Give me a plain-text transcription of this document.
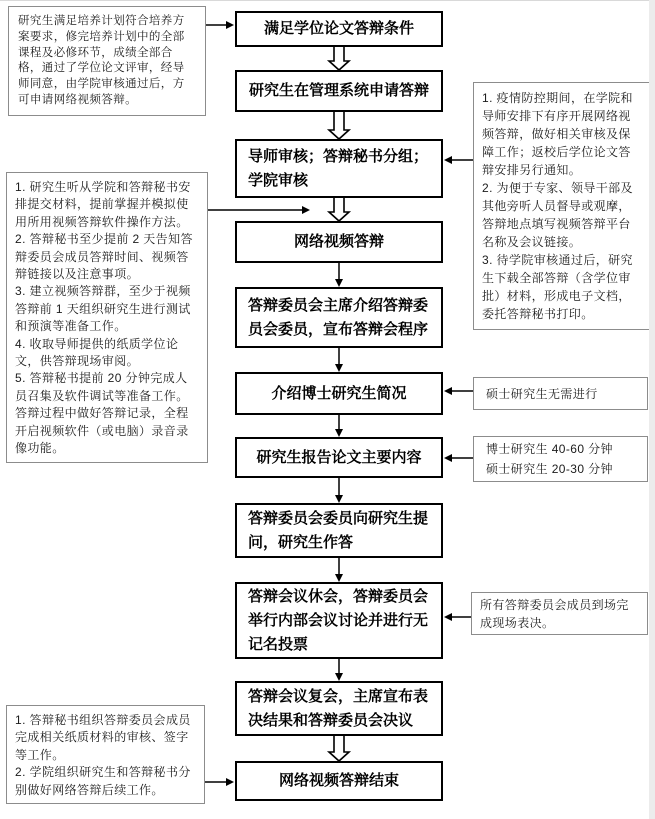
满足学位论文答辩条件
研究生在管理系统申请答辩
导师审核；答辩秘书分组；学院审核
网络视频答辩
答辩委员会主席介绍答辩委员会委员，宣布答辩会程序
介绍博士研究生简况
研究生报告论文主要内容
答辩委员会委员向研究生提问，研究生作答
答辩会议休会，答辩委员会举行内部会议讨论并进行无记名投票
答辩会议复会，主席宣布表决结果和答辩委员会决议
网络视频答辩结束
研究生满足培养计划符合培养方案要求，修完培养计划中的全部课程及必修环节，成绩全部合格，通过了学位论文评审，经导师同意，由学院审核通过后，方可申请网络视频答辩。
1. 研究生听从学院和答辩秘书安排提交材料，提前掌握并模拟使用所用视频答辩软件操作方法。
2. 答辩秘书至少提前 2 天告知答辩委员会成员答辩时间、视频答辩链接以及注意事项。
3. 建立视频答辩群，至少于视频答辩前 1 天组织研究生进行测试和预演等准备工作。
4. 收取导师提供的纸质学位论文，供答辩现场审阅。
5. 答辩秘书提前 20 分钟完成人员召集及软件调试等准备工作。答辩过程中做好答辩记录，全程开启视频软件（或电脑）录音录像功能。
1. 答辩秘书组织答辩委员会成员完成相关纸质材料的审核、签字等工作。
2. 学院组织研究生和答辩秘书分别做好网络答辩后续工作。
1. 疫情防控期间，在学院和导师安排下有序开展网络视频答辩，做好相关审核及保障工作；返校后学位论文答辩安排另行通知。
2. 为便于专家、领导干部及其他旁听人员督导或观摩，答辩地点填写视频答辩平台名称及会议链接。
3. 待学院审核通过后，研究生下载全部答辩（含学位审批）材料，形成电子文档，委托答辩秘书打印。
硕士研究生无需进行
博士研究生 40-60 分钟
硕士研究生 20-30 分钟
所有答辩委员会成员到场完成现场表决。
